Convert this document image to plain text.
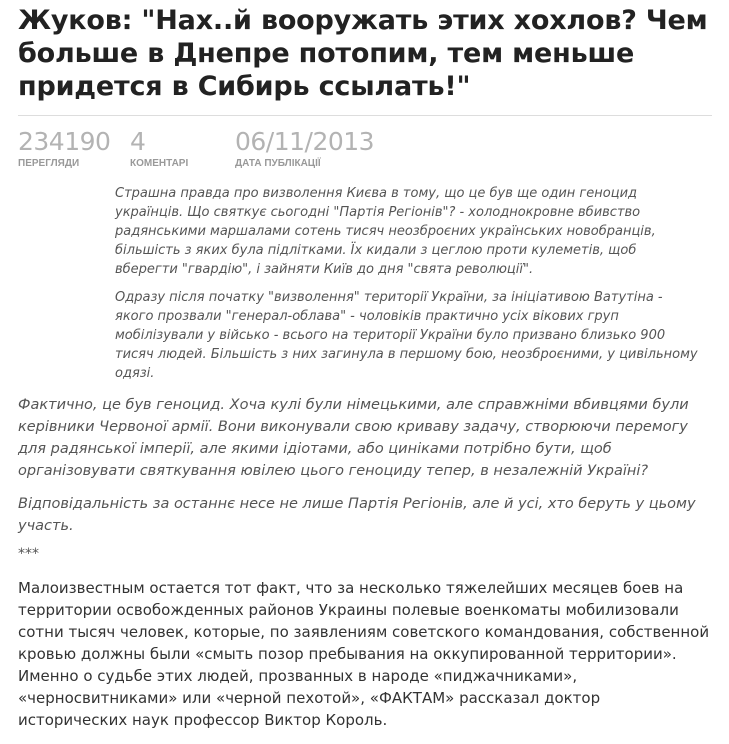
Жуков: "Нах..й вооружать этих хохлов? Чем больше в Днепре потопим, тем меньше придется в Сибирь ссылать!"
234190
ПЕРЕГЛЯДИ
4
КОМЕНТАРІ
06/11/2013
ДАТА ПУБЛІКАЦІЇ

Страшна правда про визволення Києва в тому, що це був ще один геноцид українців. Що святкує сьогодні "Партія Регіонів"? - холоднокровне вбивство радянськими маршалами сотень тисяч неозброєних українських новобранців, більшість з яких була підлітками. Їх кидали з цеглою проти кулеметів, щоб вберегти "гвардію", і зайняти Київ до дня "свята революції".

Одразу після початку "визволення" території України, за ініціативою Ватутіна - якого прозвали "генерал-облава" - чоловіків практично усіх вікових груп мобілізували у військо - всього на території України було призвано близько 900 тисяч людей. Більшість з них загинула в першому бою, неозброєними, у цивільному одязі.

Фактично, це був геноцид. Хоча кулі були німецькими, але справжніми вбивцями були керівники Червоної армії. Вони виконували свою криваву задачу, створюючи перемогу для радянської імперії, але якими ідіотами, або циніками потрібно бути, щоб організовувати святкування ювілею цього геноциду тепер, в незалежній Україні?

Відповідальність за останнє несе не лише Партія Регіонів, але й усі, хто беруть у цьому участь.

***

Малоизвестным остается тот факт, что за несколько тяжелейших месяцев боев на территории освобожденных районов Украины полевые военкоматы мобилизовали сотни тысяч человек, которые, по заявлениям советского командования, собственной кровью должны были «смыть позор пребывания на оккупированной территории». Именно о судьбе этих людей, прозванных в народе «пиджачниками», «черносвитниками» или «черной пехотой», «ФАКТАМ» рассказал доктор исторических наук профессор Виктор Король.
